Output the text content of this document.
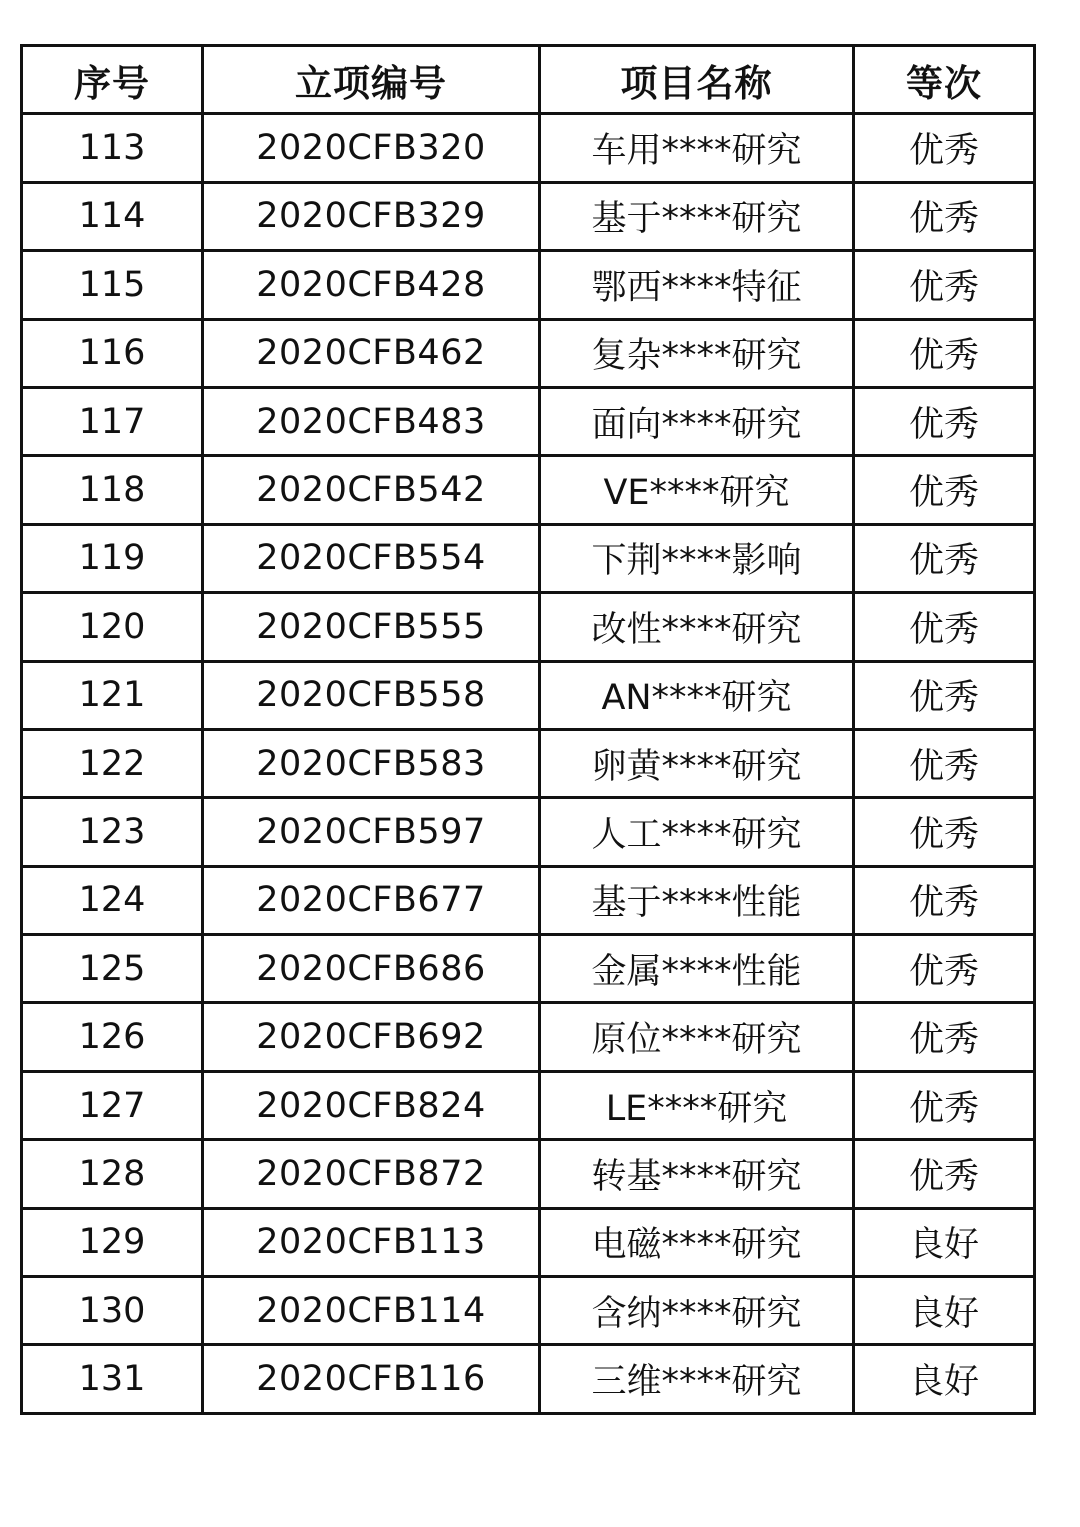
序号	立项编号	项目名称	等次
113	2020CFB320	车用****研究	优秀
114	2020CFB329	基于****研究	优秀
115	2020CFB428	鄂西****特征	优秀
116	2020CFB462	复杂****研究	优秀
117	2020CFB483	面向****研究	优秀
118	2020CFB542	VE****研究	优秀
119	2020CFB554	下荆****影响	优秀
120	2020CFB555	改性****研究	优秀
121	2020CFB558	AN****研究	优秀
122	2020CFB583	卵黄****研究	优秀
123	2020CFB597	人工****研究	优秀
124	2020CFB677	基于****性能	优秀
125	2020CFB686	金属****性能	优秀
126	2020CFB692	原位****研究	优秀
127	2020CFB824	LE****研究	优秀
128	2020CFB872	转基****研究	优秀
129	2020CFB113	电磁****研究	良好
130	2020CFB114	含纳****研究	良好
131	2020CFB116	三维****研究	良好
